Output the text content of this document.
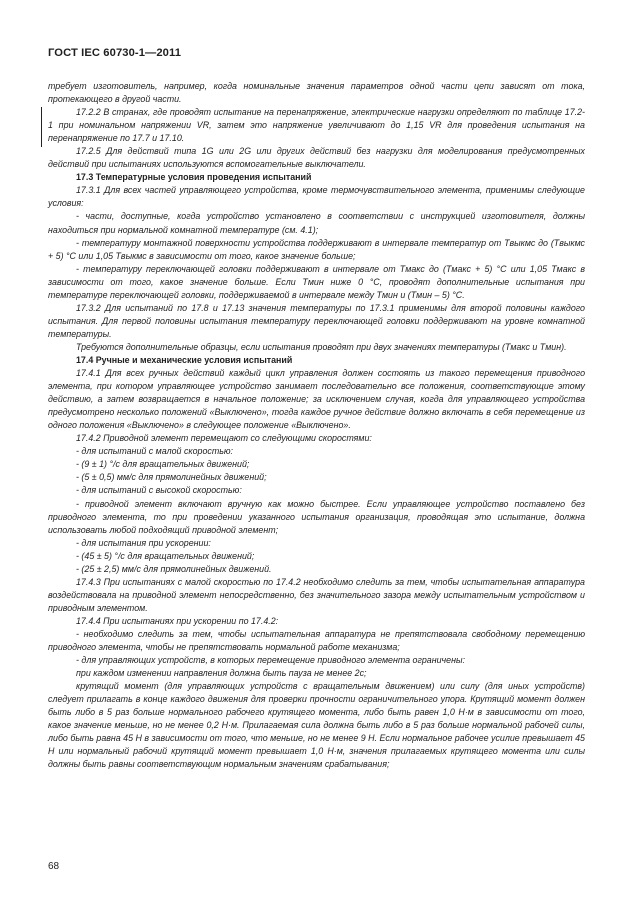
ГОСТ IEC 60730-1—2011

требует изготовитель, например, когда номинальные значения параметров одной части цепи зависят от тока, протекающего в другой части.

17.2.2 В странах, где проводят испытание на перенапряжение, электрические нагрузки определяют по таблице 17.2-1 при номинальном напряжении VR, затем это напряжение увеличивают до 1,15 VR для проведения испытания на перенапряжение по 17.7 и 17.10.

17.2.5 Для действий типа 1G или 2G или других действий без нагрузки для моделирования предусмотренных действий при испытаниях используются вспомогательные выключатели.

17.3 Температурные условия проведения испытаний

17.3.1 Для всех частей управляющего устройства, кроме термочувствительного элемента, применимы следующие условия:

- части, доступные, когда устройство установлено в соответствии с инструкцией изготовителя, должны находиться при нормальной комнатной температуре (см. 4.1);

- температуру монтажной поверхности устройства поддерживают в интервале температур от Tвыкмс до (Tвыкмс + 5) °C или 1,05 Tвыкмс в зависимости от того, какое значение больше;

- температуру переключающей головки поддерживают в интервале от Tмакс до (Tмакс + 5) °C или 1,05 Tмакс в зависимости от того, какое значение больше. Если Tмин ниже 0 °C, проводят дополнительные испытания при температуре переключающей головки, поддерживаемой в интервале между Tмин и (Tмин – 5) °C.

17.3.2 Для испытаний по 17.8 и 17.13 значения температуры по 17.3.1 применимы для второй половины каждого испытания. Для первой половины испытания температуру переключающей головки поддерживают на уровне комнатной температуры.

Требуются дополнительные образцы, если испытания проводят при двух значениях температуры (Tмакс и Tмин).

17.4 Ручные и механические условия испытаний

17.4.1 Для всех ручных действий каждый цикл управления должен состоять из такого перемещения приводного элемента, при котором управляющее устройство занимает последовательно все положения, соответствующие этому действию, а затем возвращается в начальное положение; за исключением случая, когда для управляющего устройства предусмотрено несколько положений «Выключено», тогда каждое ручное действие должно включать в себя перемещение из одного положения «Выключено» в следующее положение «Выключено».

17.4.2 Приводной элемент перемещают со следующими скоростями:

- для испытаний с малой скоростью:

- (9 ± 1) °/с для вращательных движений;

- (5 ± 0,5) мм/с для прямолинейных движений;

- для испытаний с высокой скоростью:

- приводной элемент включают вручную как можно быстрее. Если управляющее устройство поставлено без приводного элемента, то при проведении указанного испытания организация, проводящая это испытание, должна использовать любой подходящий приводной элемент;

- для испытания при ускорении:

- (45 ± 5) °/с для вращательных движений;

- (25 ± 2,5) мм/с для прямолинейных движений.

17.4.3 При испытаниях с малой скоростью по 17.4.2 необходимо следить за тем, чтобы испытательная аппаратура воздействовала на приводной элемент непосредственно, без значительного зазора между испытательным устройством и приводным элементом.

17.4.4 При испытаниях при ускорении по 17.4.2:

- необходимо следить за тем, чтобы испытательная аппаратура не препятствовала свободному перемещению приводного элемента, чтобы не препятствовать нормальной работе механизма;

- для управляющих устройств, в которых перемещение приводного элемента ограничены:

при каждом изменении направления должна быть пауза не менее 2с;

крутящий момент (для управляющих устройств с вращательным движением) или силу (для иных устройств) следует прилагать в конце каждого движения для проверки прочности ограничительного упора. Крутящий момент должен быть либо в 5 раз больше нормального рабочего крутящего момента, либо быть равен 1,0 Н·м в зависимости от того, какое значение меньше, но не менее 0,2 Н·м. Прилагаемая сила должна быть либо в 5 раз больше нормальной рабочей силы, либо быть равна 45 Н в зависимости от того, что меньше, но не менее 9 Н. Если нормальное рабочее усилие превышает 45 Н или нормальный рабочий крутящий момент превышает 1,0 Н·м, значения прилагаемых крутящего момента или силы должны быть равны соответствующим нормальным значениям срабатывания;

68
